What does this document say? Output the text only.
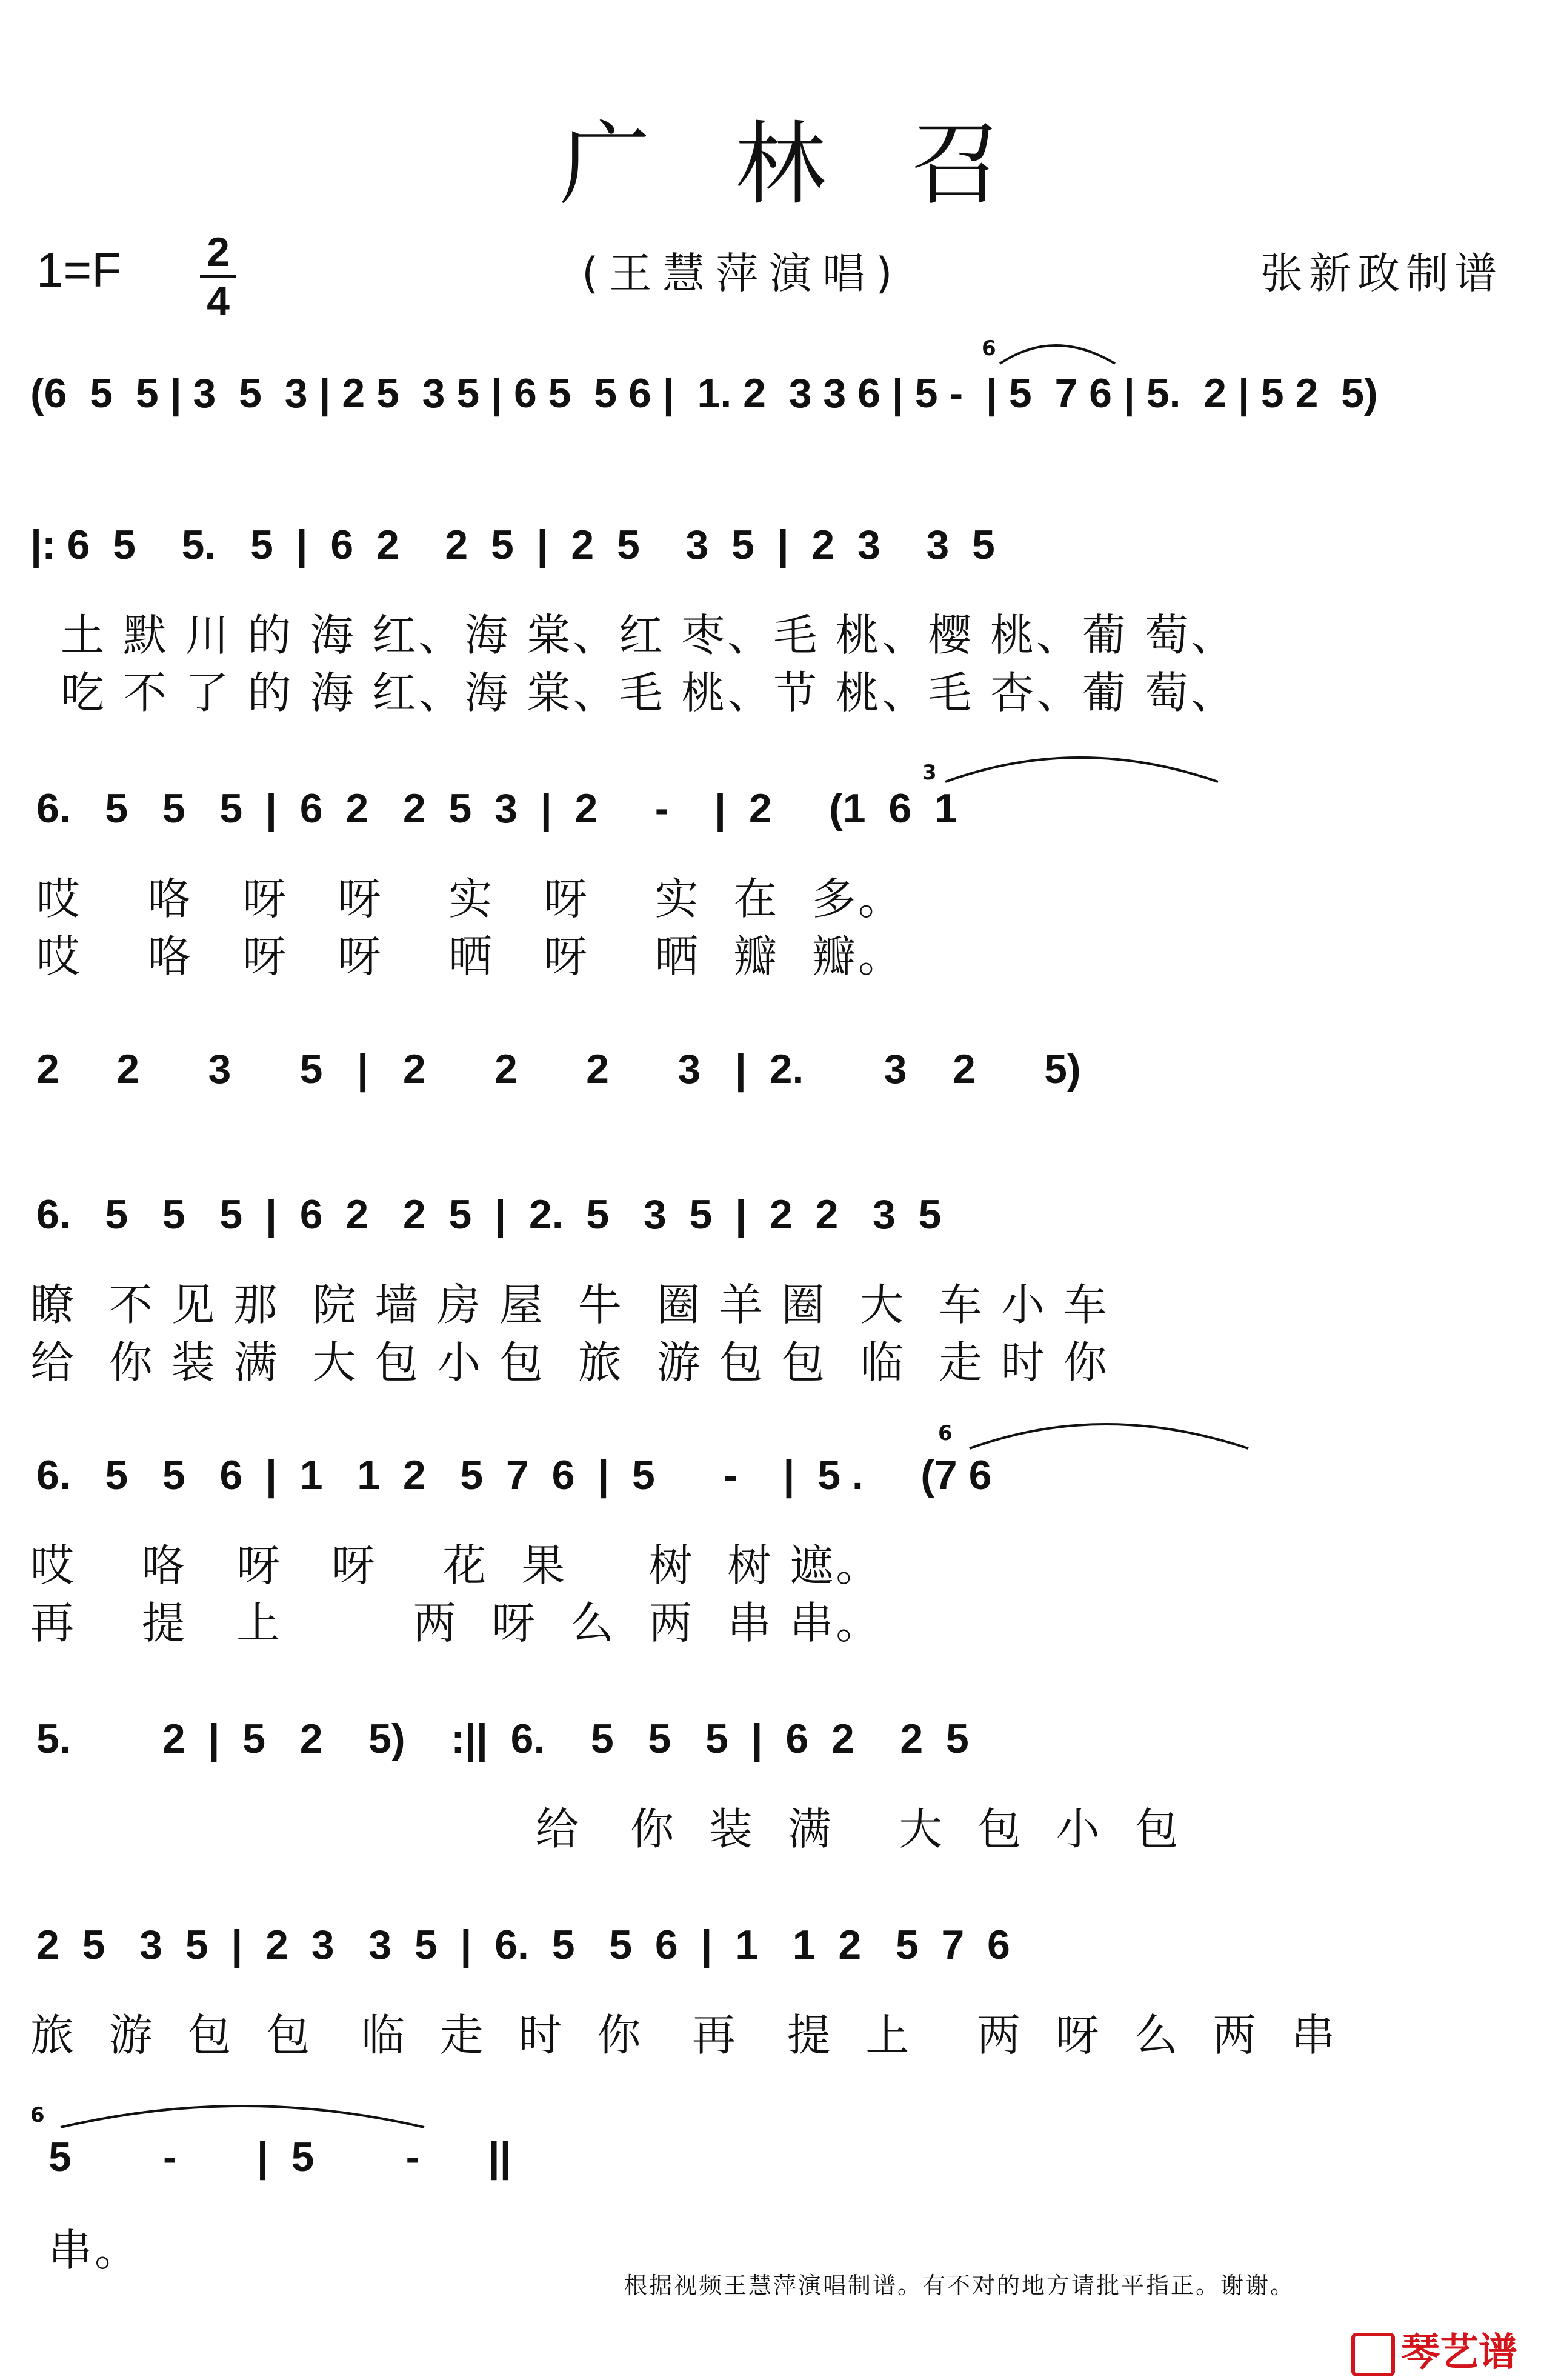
广林召
1=F	2
4
(王慧萍演唱)	张新政制谱
(6  5  5 | 3  5  3 | 2 5  3 5 | 6 5  5 6 |  1. 2  3 3 6 | 5 -  | 5  7 6 | 5.  2 | 5 2  5)
6
|: 6  5    5.   5  |  6  2    2  5  |  2  5    3  5  |  2  3    3  5
土 默 川 的 海 红、海 棠、红 枣、毛 桃、樱 桃、葡 萄、
吃 不 了 的 海 红、海 棠、毛 桃、节 桃、毛 杏、葡 萄、
6.   5   5   5  |  6  2   2  5  3  |  2     -    |  2     (1  6  1
3
哎    咯   呀   呀    实   呀    实  在  多。
哎    咯   呀   呀    晒   呀    晒  瓣  瓣。
2     2      3      5   |   2      2      2      3   |  2.       3    2      5)
6.   5   5   5  |  6  2   2  5  |  2.  5   3  5  |  2  2   3  5
瞭  不 见 那  院 墙 房 屋  牛  圈 羊 圈  大  车 小 车
给  你 装 满  大 包 小 包  旅  游 包 包  临  走 时 你
6.   5   5   6  |  1   1  2   5  7  6  |  5      -    |  5 .     (7 6
6
哎    咯   呀   呀    花  果     树  树 遮。
再    提   上        两  呀  么  两  串 串。
5.        2  |  5   2    5)    :||  6.    5   5   5  |  6  2    2  5
给   你  装  满    大  包  小  包
2  5   3  5  |  2  3   3  5  |  6.  5   5  6  |  1   1  2   5  7  6
旅  游  包  包   临  走  时  你   再   提  上    两  呀  么  两  串
5        -       |  5        -      ||
6
串。
根据视频王慧萍演唱制谱。有不对的地方请批平指正。谢谢。
琴艺谱
